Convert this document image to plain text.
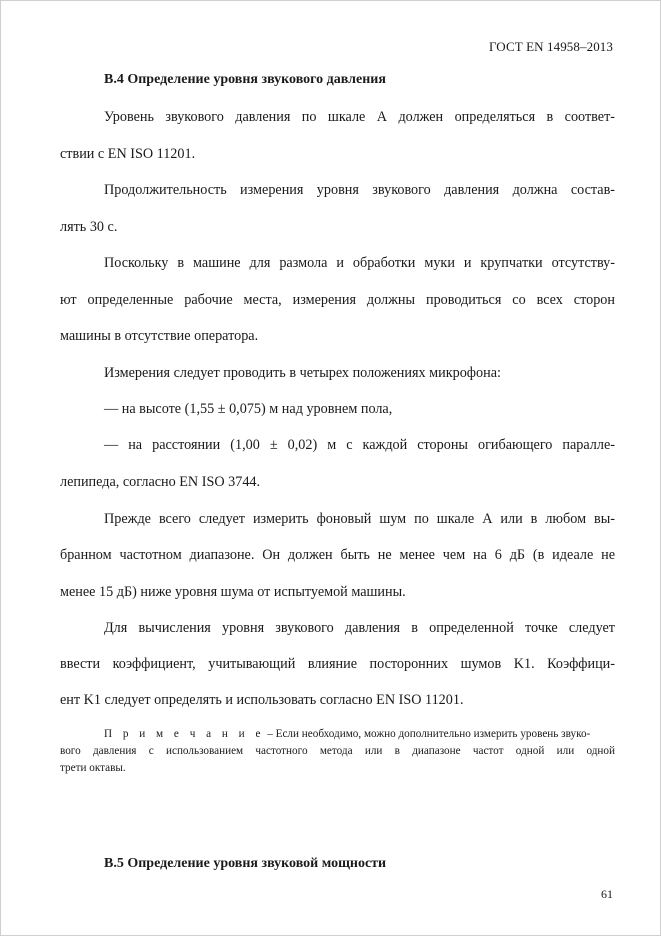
ГОСТ EN 14958–2013
B.4 Определение уровня звукового давления
Уровень звукового давления по шкале А должен определяться в соответ-
ствии с EN ISO 11201.
Продолжительность измерения уровня звукового давления должна состав-
лять 30 с.
Поскольку в машине для размола и обработки муки и крупчатки отсутству-
ют определенные рабочие места, измерения должны проводиться со всех сторон
машины в отсутствие оператора.
Измерения следует проводить в четырех положениях микрофона:
— на высоте (1,55 ± 0,075) м над уровнем пола,
— на расстоянии (1,00 ± 0,02) м с каждой стороны огибающего паралле-
лепипеда, согласно EN ISO 3744.
Прежде всего следует измерить фоновый шум по шкале А или в любом вы-
бранном частотном диапазоне. Он должен быть не менее чем на 6 дБ (в идеале не
менее 15 дБ) ниже уровня шума от испытуемой машины.
Для вычисления уровня звукового давления в определенной точке следует
ввести коэффициент, учитывающий влияние посторонних шумов K1. Коэффици-
ент K1 следует определять и использовать согласно EN ISO 11201.
П р и м е ч а н и е – Если необходимо, можно дополнительно измерить уровень звуко-
вого давления с использованием частотного метода или в диапазоне частот одной или одной
трети октавы.
B.5 Определение уровня звуковой мощности
61
